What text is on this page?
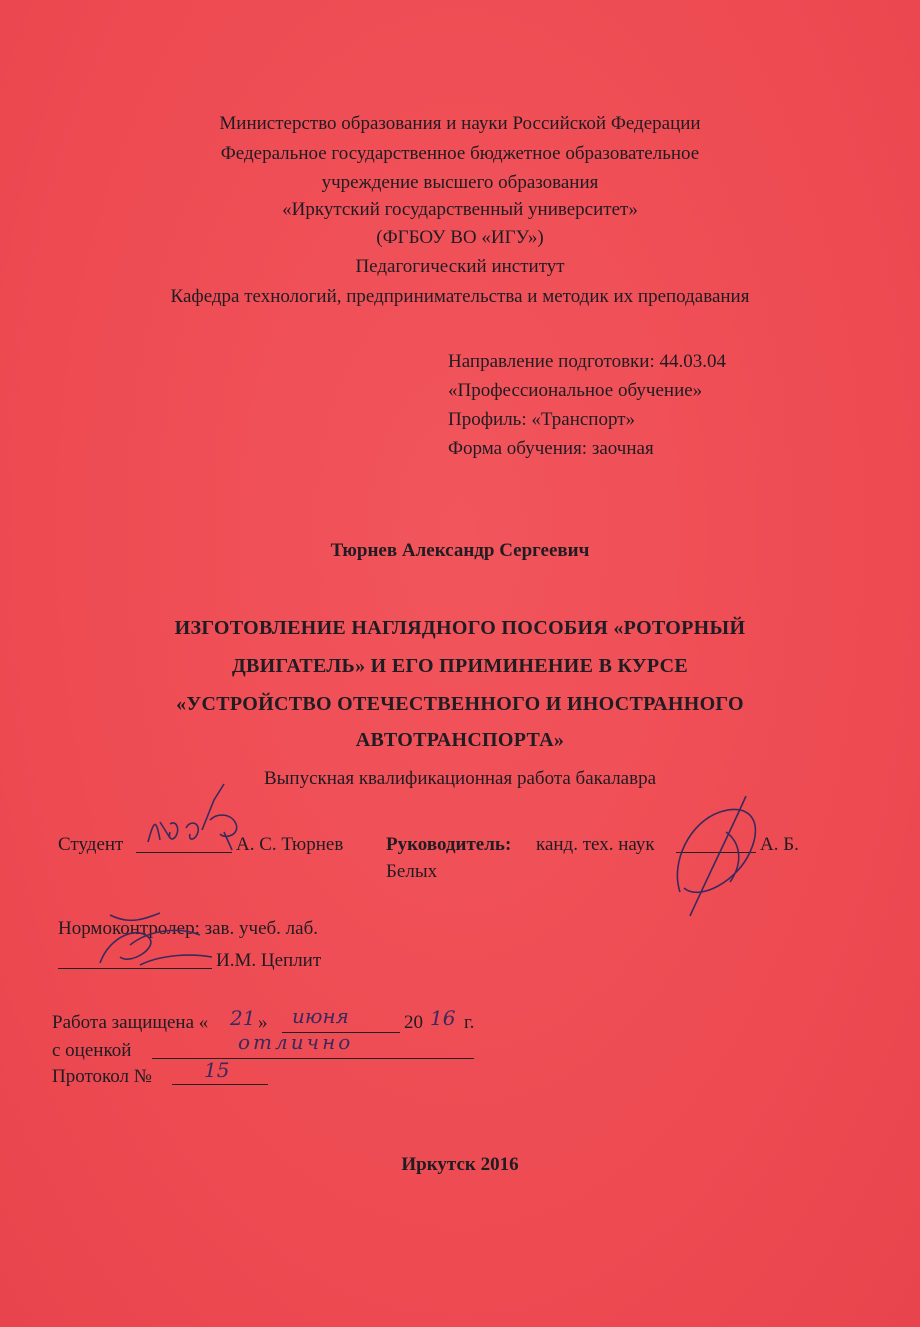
Министерство образования и науки Российской Федерации
Федеральное государственное бюджетное образовательное
учреждение высшего образования
«Иркутский государственный университет»
(ФГБОУ ВО «ИГУ»)
Педагогический институт
Кафедра технологий, предпринимательства и методик их преподавания
Направление подготовки: 44.03.04
«Профессиональное обучение»
Профиль: «Транспорт»
Форма обучения: заочная
Тюрнев Александр Сергеевич
ИЗГОТОВЛЕНИЕ НАГЛЯДНОГО ПОСОБИЯ «РОТОРНЫЙ
ДВИГАТЕЛЬ» И ЕГО ПРИМИНЕНИЕ В КУРСЕ
«УСТРОЙСТВО ОТЕЧЕСТВЕННОГО И ИНОСТРАННОГО
АВТОТРАНСПОРТА»
Выпускная квалификационная работа бакалавра
Студент	А. С. Тюрнев Руководитель: канд. тех. наук	А. Б.
Белых
Нормоконтролер: зав. учеб. лаб.
И.М. Цеплит
Работа защищена « 21 » июня	20 16 г.
с оценкой	отлично
Протокол №	15
Иркутск 2016
